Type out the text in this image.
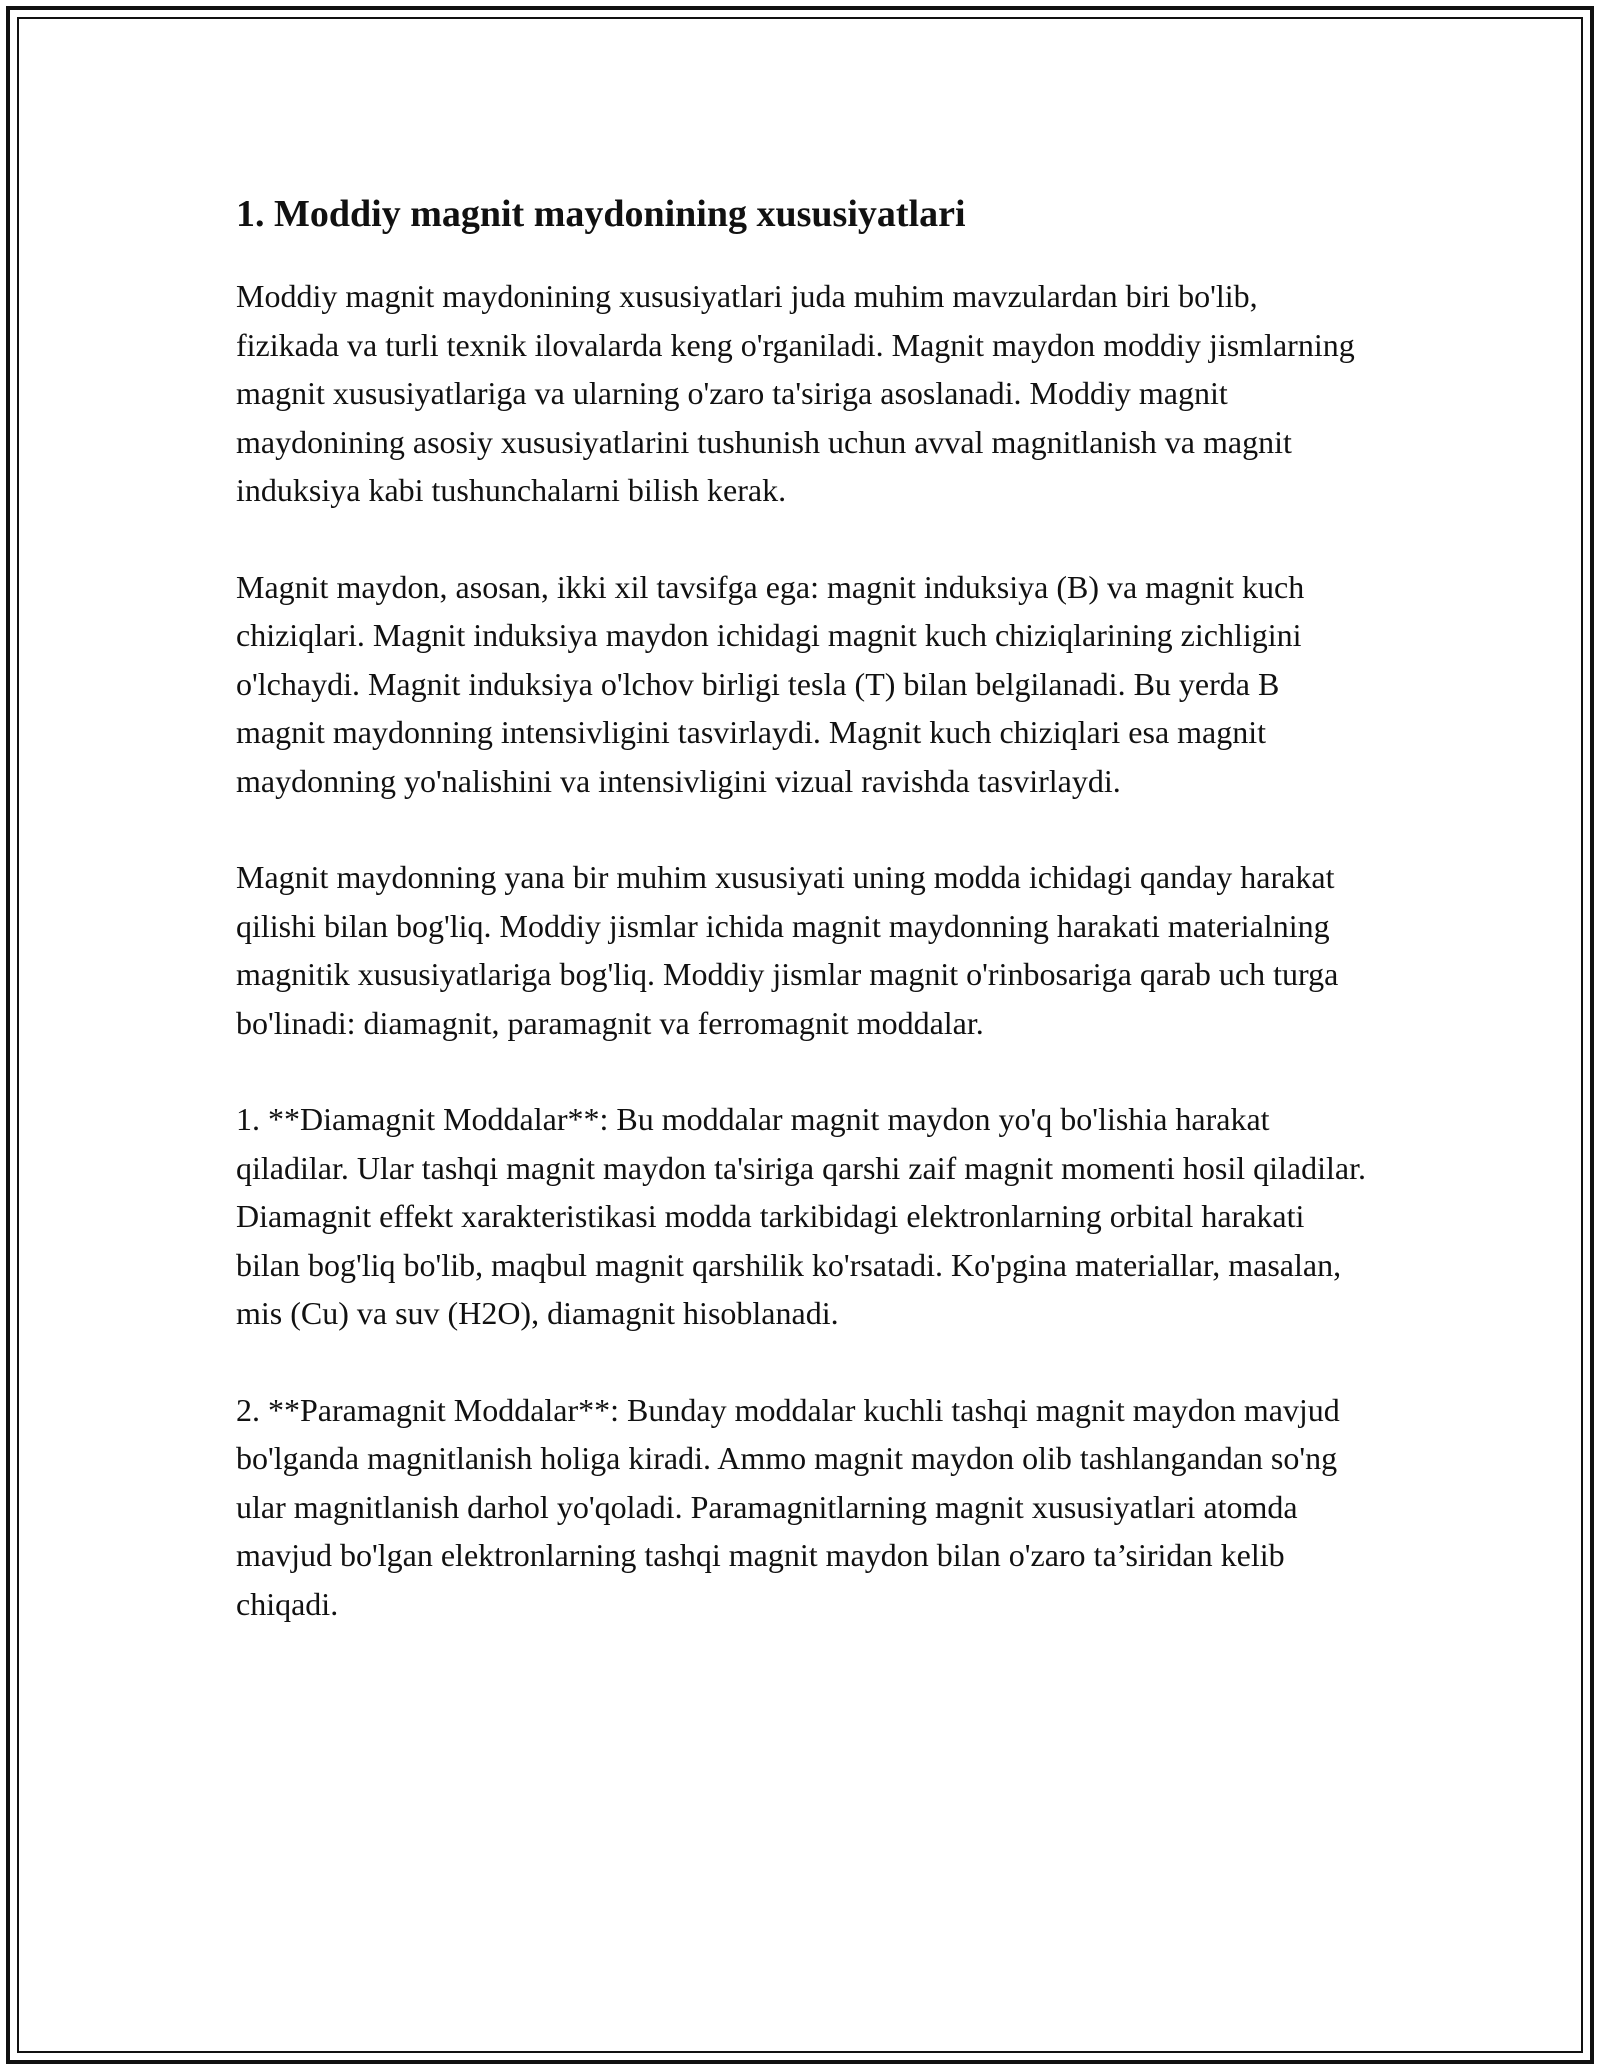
1. Moddiy magnit maydonining xususiyatlari

Moddiy magnit maydonining xususiyatlari juda muhim mavzulardan biri bo'lib, fizikada va turli texnik ilovalarda keng o'rganiladi. Magnit maydon moddiy jismlarning magnit xususiyatlariga va ularning o'zaro ta'siriga asoslanadi. Moddiy magnit maydonining asosiy xususiyatlarini tushunish uchun avval magnitlanish va magnit induksiya kabi tushunchalarni bilish kerak.

Magnit maydon, asosan, ikki xil tavsifga ega: magnit induksiya (B) va magnit kuch chiziqlari. Magnit induksiya maydon ichidagi magnit kuch chiziqlarining zichligini o'lchaydi. Magnit induksiya o'lchov birligi tesla (T) bilan belgilanadi. Bu yerda B magnit maydonning intensivligini tasvirlaydi. Magnit kuch chiziqlari esa magnit maydonning yo'nalishini va intensivligini vizual ravishda tasvirlaydi.

Magnit maydonning yana bir muhim xususiyati uning modda ichidagi qanday harakat qilishi bilan bog'liq. Moddiy jismlar ichida magnit maydonning harakati materialning magnitik xususiyatlariga bog'liq. Moddiy jismlar magnit o'rinbosariga qarab uch turga bo'linadi: diamagnit, paramagnit va ferromagnit moddalar.

1. **Diamagnit Moddalar**: Bu moddalar magnit maydon yo'q bo'lishia harakat qiladilar. Ular tashqi magnit maydon ta'siriga qarshi zaif magnit momenti hosil qiladilar. Diamagnit effekt xarakteristikasi modda tarkibidagi elektronlarning orbital harakati bilan bog'liq bo'lib, maqbul magnit qarshilik ko'rsatadi. Ko'pgina materiallar, masalan, mis (Cu) va suv (H2O), diamagnit hisoblanadi.

2. **Paramagnit Moddalar**: Bunday moddalar kuchli tashqi magnit maydon mavjud bo'lganda magnitlanish holiga kiradi. Ammo magnit maydon olib tashlangandan so'ng ular magnitlanish darhol yo'qoladi. Paramagnitlarning magnit xususiyatlari atomda mavjud bo'lgan elektronlarning tashqi magnit maydon bilan o'zaro ta’siridan kelib chiqadi.
